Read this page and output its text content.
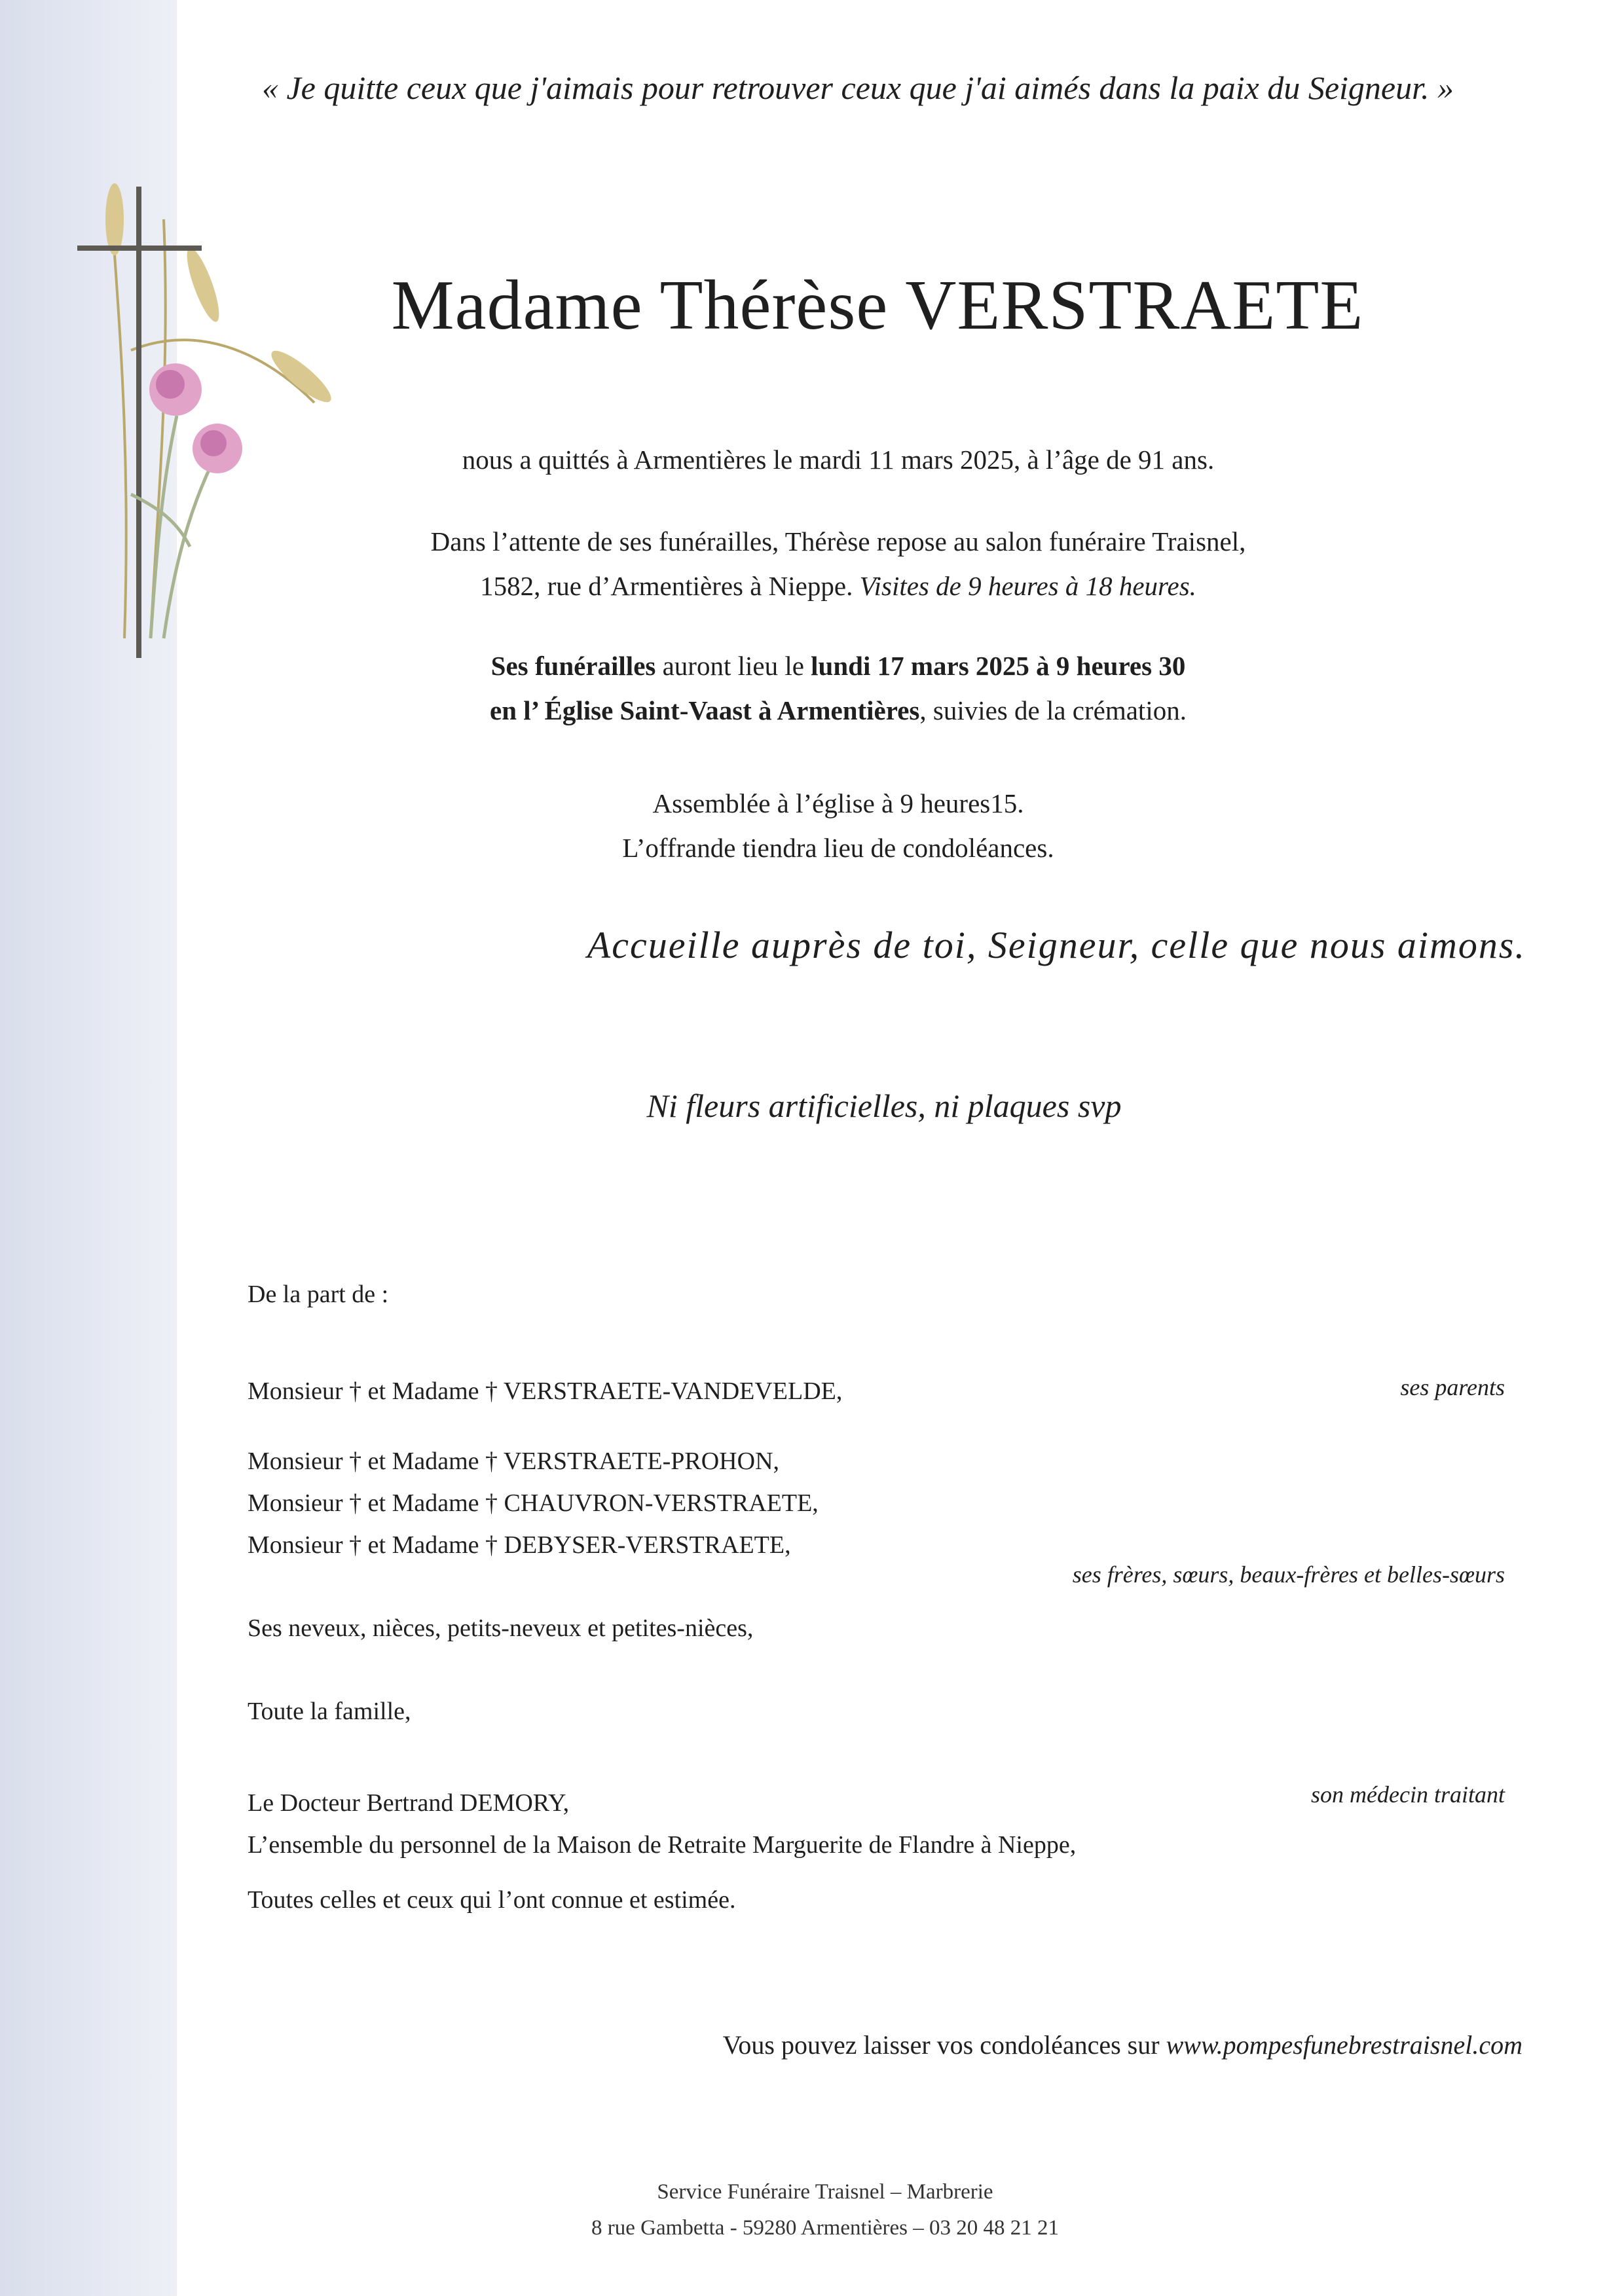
« Je quitte ceux que j'aimais pour retrouver ceux que j'ai aimés dans la paix du Seigneur. »
Madame Thérèse VERSTRAETE
nous a quittés à Armentières le mardi 11 mars 2025, à l’âge de 91 ans.
Dans l’attente de ses funérailles, Thérèse repose au salon funéraire Traisnel,
1582, rue d’Armentières à Nieppe. Visites de 9 heures à 18 heures.
Ses funérailles auront lieu le lundi 17 mars 2025 à 9 heures 30
en l’ Église Saint-Vaast à Armentières, suivies de la crémation.
Assemblée à l’église à 9 heures15.
L’offrande tiendra lieu de condoléances.
Accueille auprès de toi, Seigneur, celle que nous aimons.
Ni fleurs artificielles, ni plaques svp
De la part de :
Monsieur † et Madame † VERSTRAETE-VANDEVELDE,	ses parents
Monsieur † et Madame † VERSTRAETE-PROHON,
Monsieur † et Madame † CHAUVRON-VERSTRAETE,
Monsieur † et Madame † DEBYSER-VERSTRAETE,
ses frères, sœurs, beaux-frères et belles-sœurs
Ses neveux, nièces, petits-neveux et petites-nièces,
Toute la famille,
Le Docteur Bertrand DEMORY,
L’ensemble du personnel de la Maison de Retraite Marguerite de Flandre à Nieppe,
son médecin traitant
Toutes celles et ceux qui l’ont connue et estimée.
Vous pouvez laisser vos condoléances sur www.pompesfunebrestraisnel.com
Service Funéraire Traisnel – Marbrerie
8 rue Gambetta - 59280 Armentières – 03 20 48 21 21
